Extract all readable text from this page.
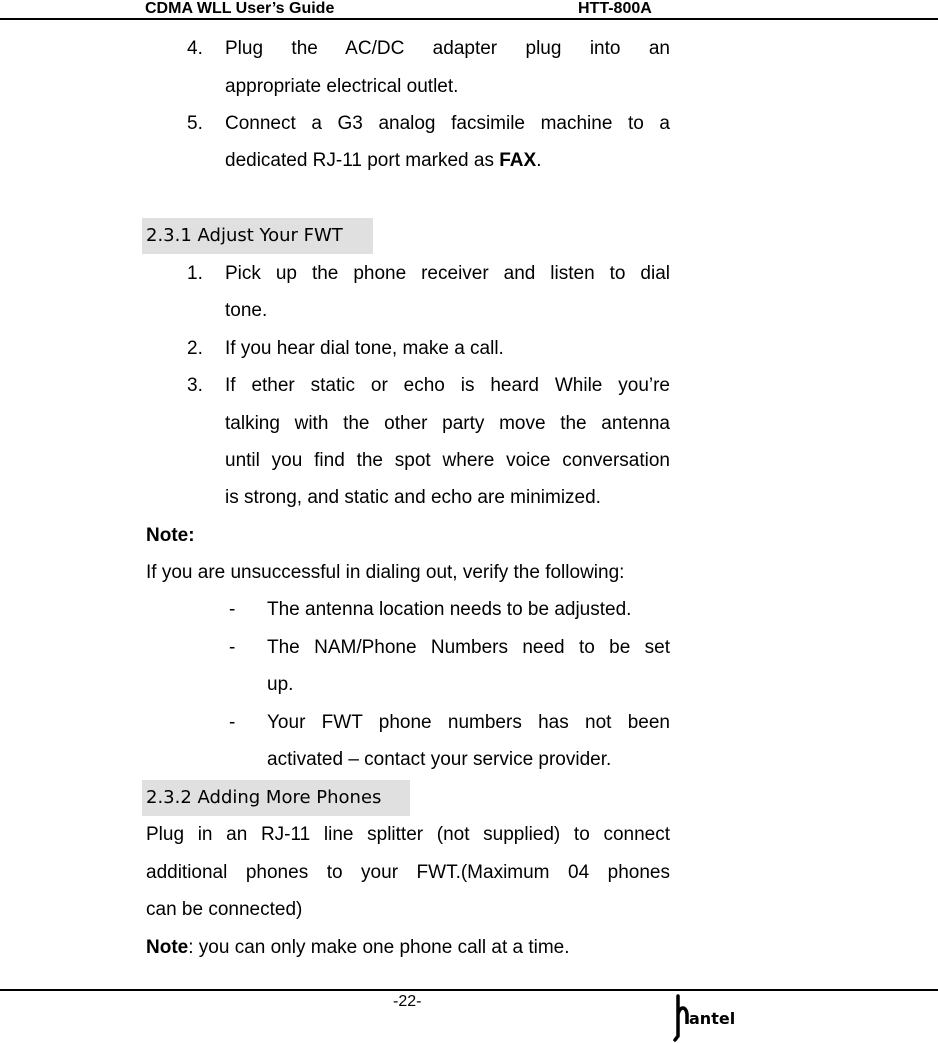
CDMA WLL User’s Guide	HTT-800A
4. Plug the AC/DC adapter plug into an
appropriate electrical outlet.
5. Connect a G3 analog facsimile machine to a
dedicated RJ-11 port marked as FAX.
2.3.1 Adjust Your FWT
1. Pick up the phone receiver and listen to dial
tone.
2. If you hear dial tone, make a call.
3. If ether static or echo is heard While you’re
talking with the other party move the antenna
until you find the spot where voice conversation
is strong, and static and echo are minimized.
Note:
If you are unsuccessful in dialing out, verify the following:
- The antenna location needs to be adjusted.
- The NAM/Phone Numbers need to be set
up.
- Your FWT phone numbers has not been
activated – contact your service provider.
2.3.2 Adding More Phones
Plug in an RJ-11 line splitter (not supplied) to connect
additional phones to your FWT.(Maximum 04 phones
can be connected)
Note: you can only make one phone call at a time.
-22-
antel
